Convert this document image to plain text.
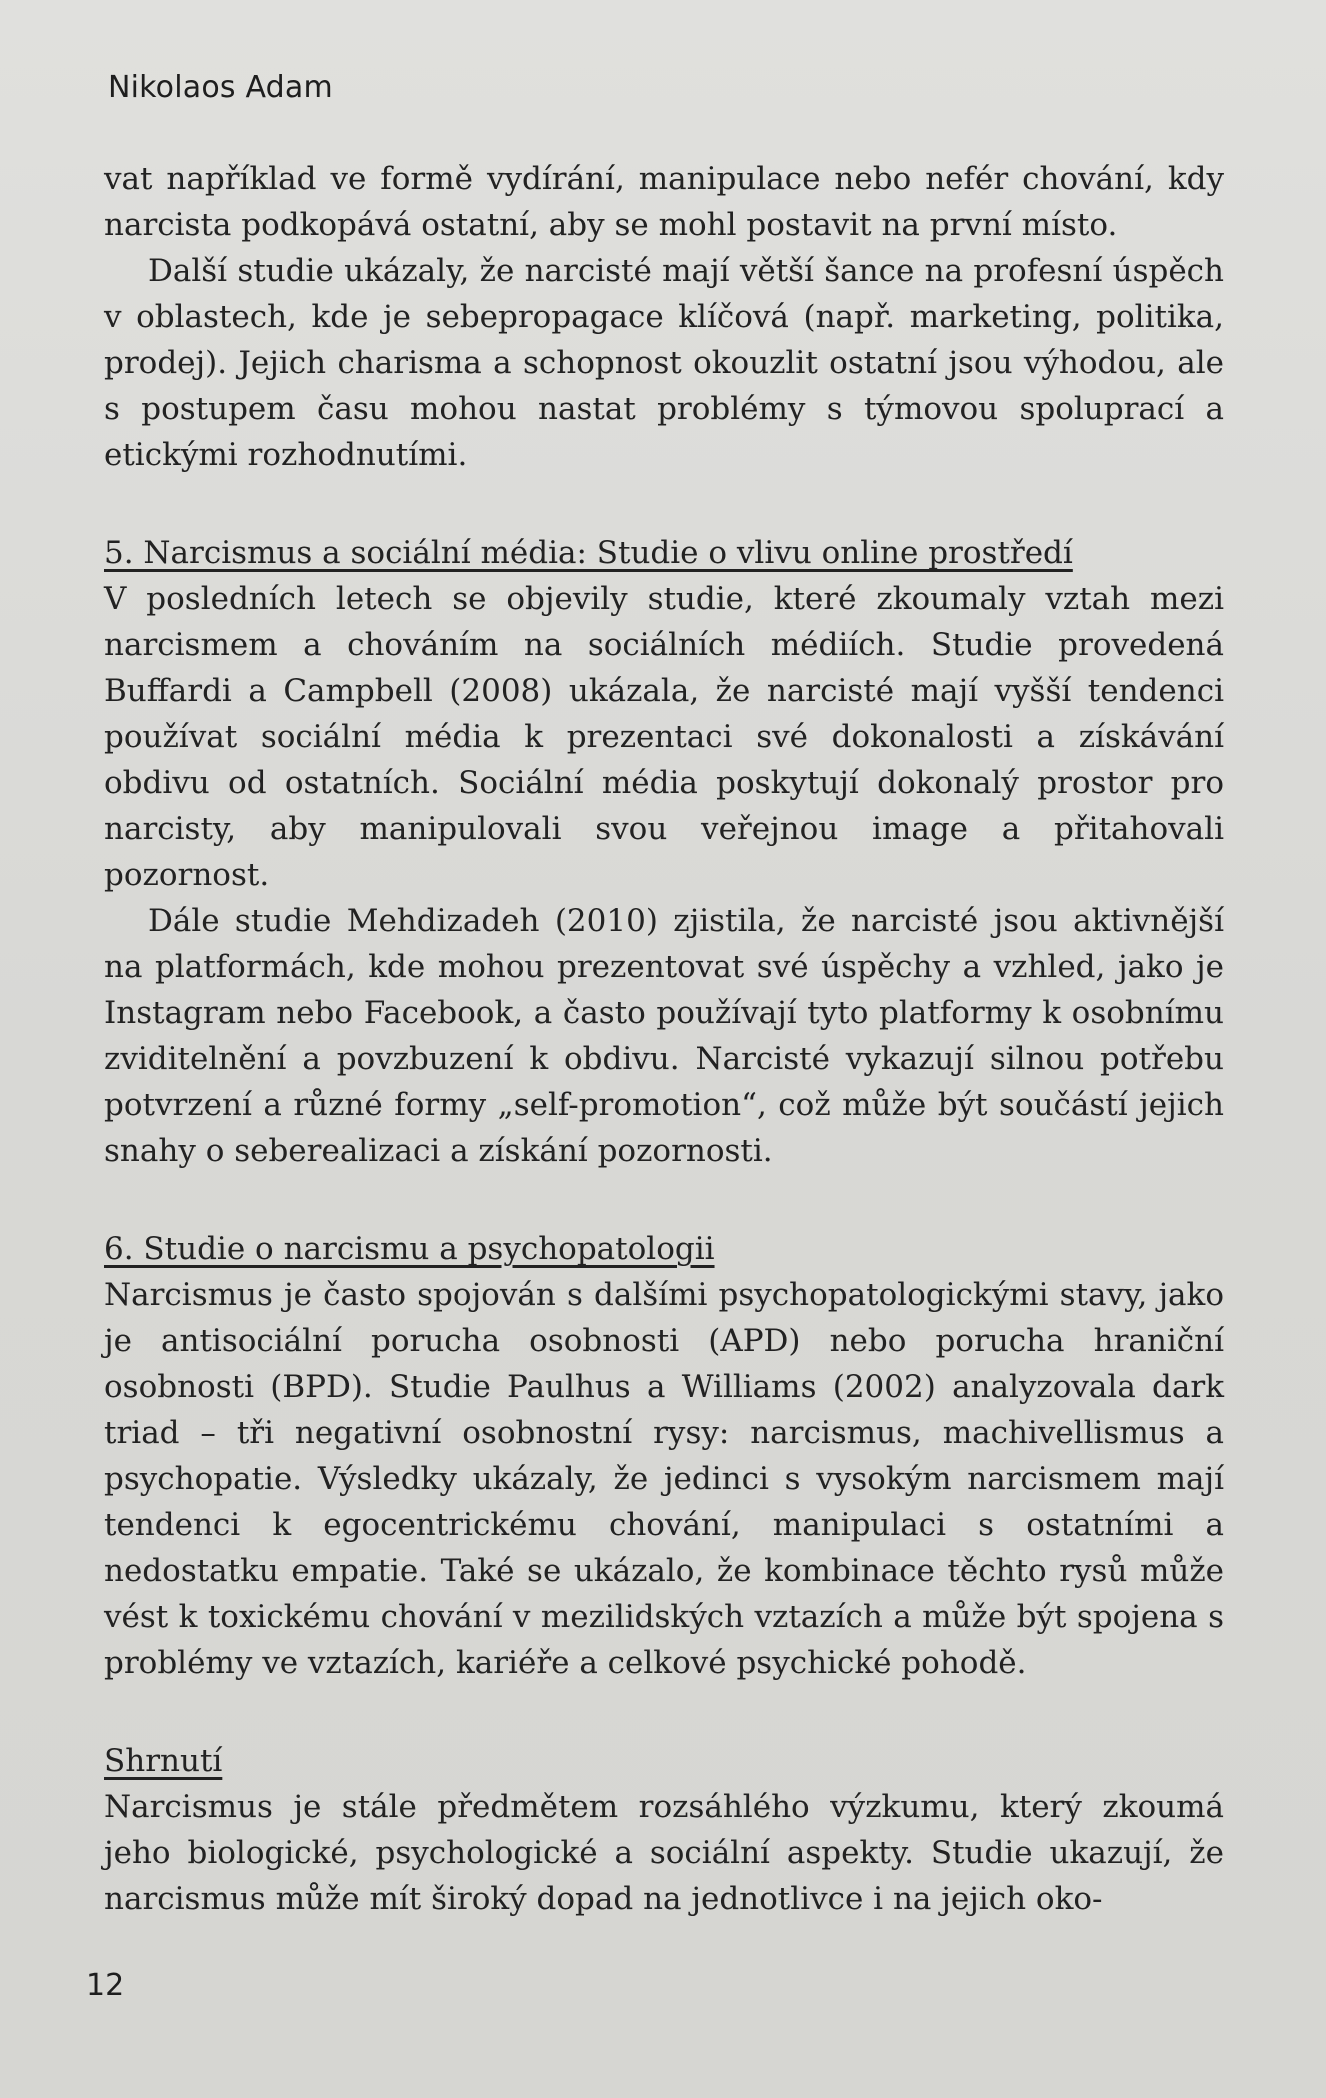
Nikolaos Adam

vat například ve formě vydírání, manipulace nebo nefér chování, kdy narcista podkopává ostatní, aby se mohl postavit na první místo.

Další studie ukázaly, že narcisté mají větší šance na profesní úspěch v oblastech, kde je sebepropagace klíčová (např. marketing, politika, prodej). Jejich charisma a schopnost okouzlit ostatní jsou výhodou, ale s postupem času mohou nastat problémy s týmovou spoluprací a etickými rozhodnutími.

5. Narcismus a sociální média: Studie o vlivu online prostředí

V posledních letech se objevily studie, které zkoumaly vztah mezi narcismem a chováním na sociálních médiích. Studie provedená Buffardi a Campbell (2008) ukázala, že narcisté mají vyšší tendenci používat sociální média k prezentaci své dokonalosti a získávání obdivu od ostatních. Sociální média poskytují dokonalý prostor pro narcisty, aby manipulovali svou veřejnou image a přitahovali pozornost.

Dále studie Mehdizadeh (2010) zjistila, že narcisté jsou aktivnější na platformách, kde mohou prezentovat své úspěchy a vzhled, jako je Instagram nebo Facebook, a často používají tyto platformy k osobnímu zviditelnění a povzbuzení k obdivu. Narcisté vykazují silnou potřebu potvrzení a různé formy „self-promotion“, což může být součástí jejich snahy o seberealizaci a získání pozornosti.

6. Studie o narcismu a psychopatologii

Narcismus je často spojován s dalšími psychopatologickými stavy, jako je antisociální porucha osobnosti (APD) nebo porucha hraniční osobnosti (BPD). Studie Paulhus a Williams (2002) analyzovala dark triad – tři negativní osobnostní rysy: narcismus, machivellismus a psychopatie. Výsledky ukázaly, že jedinci s vysokým narcismem mají tendenci k egocentrickému chování, manipulaci s ostatními a nedostatku empatie. Také se ukázalo, že kombinace těchto rysů může vést k toxickému chování v mezilidských vztazích a může být spojena s problémy ve vztazích, kariéře a celkové psychické pohodě.

Shrnutí

Narcismus je stále předmětem rozsáhlého výzkumu, který zkoumá jeho biologické, psychologické a sociální aspekty. Studie ukazují, že narcismus může mít široký dopad na jednotlivce i na jejich oko-

12
